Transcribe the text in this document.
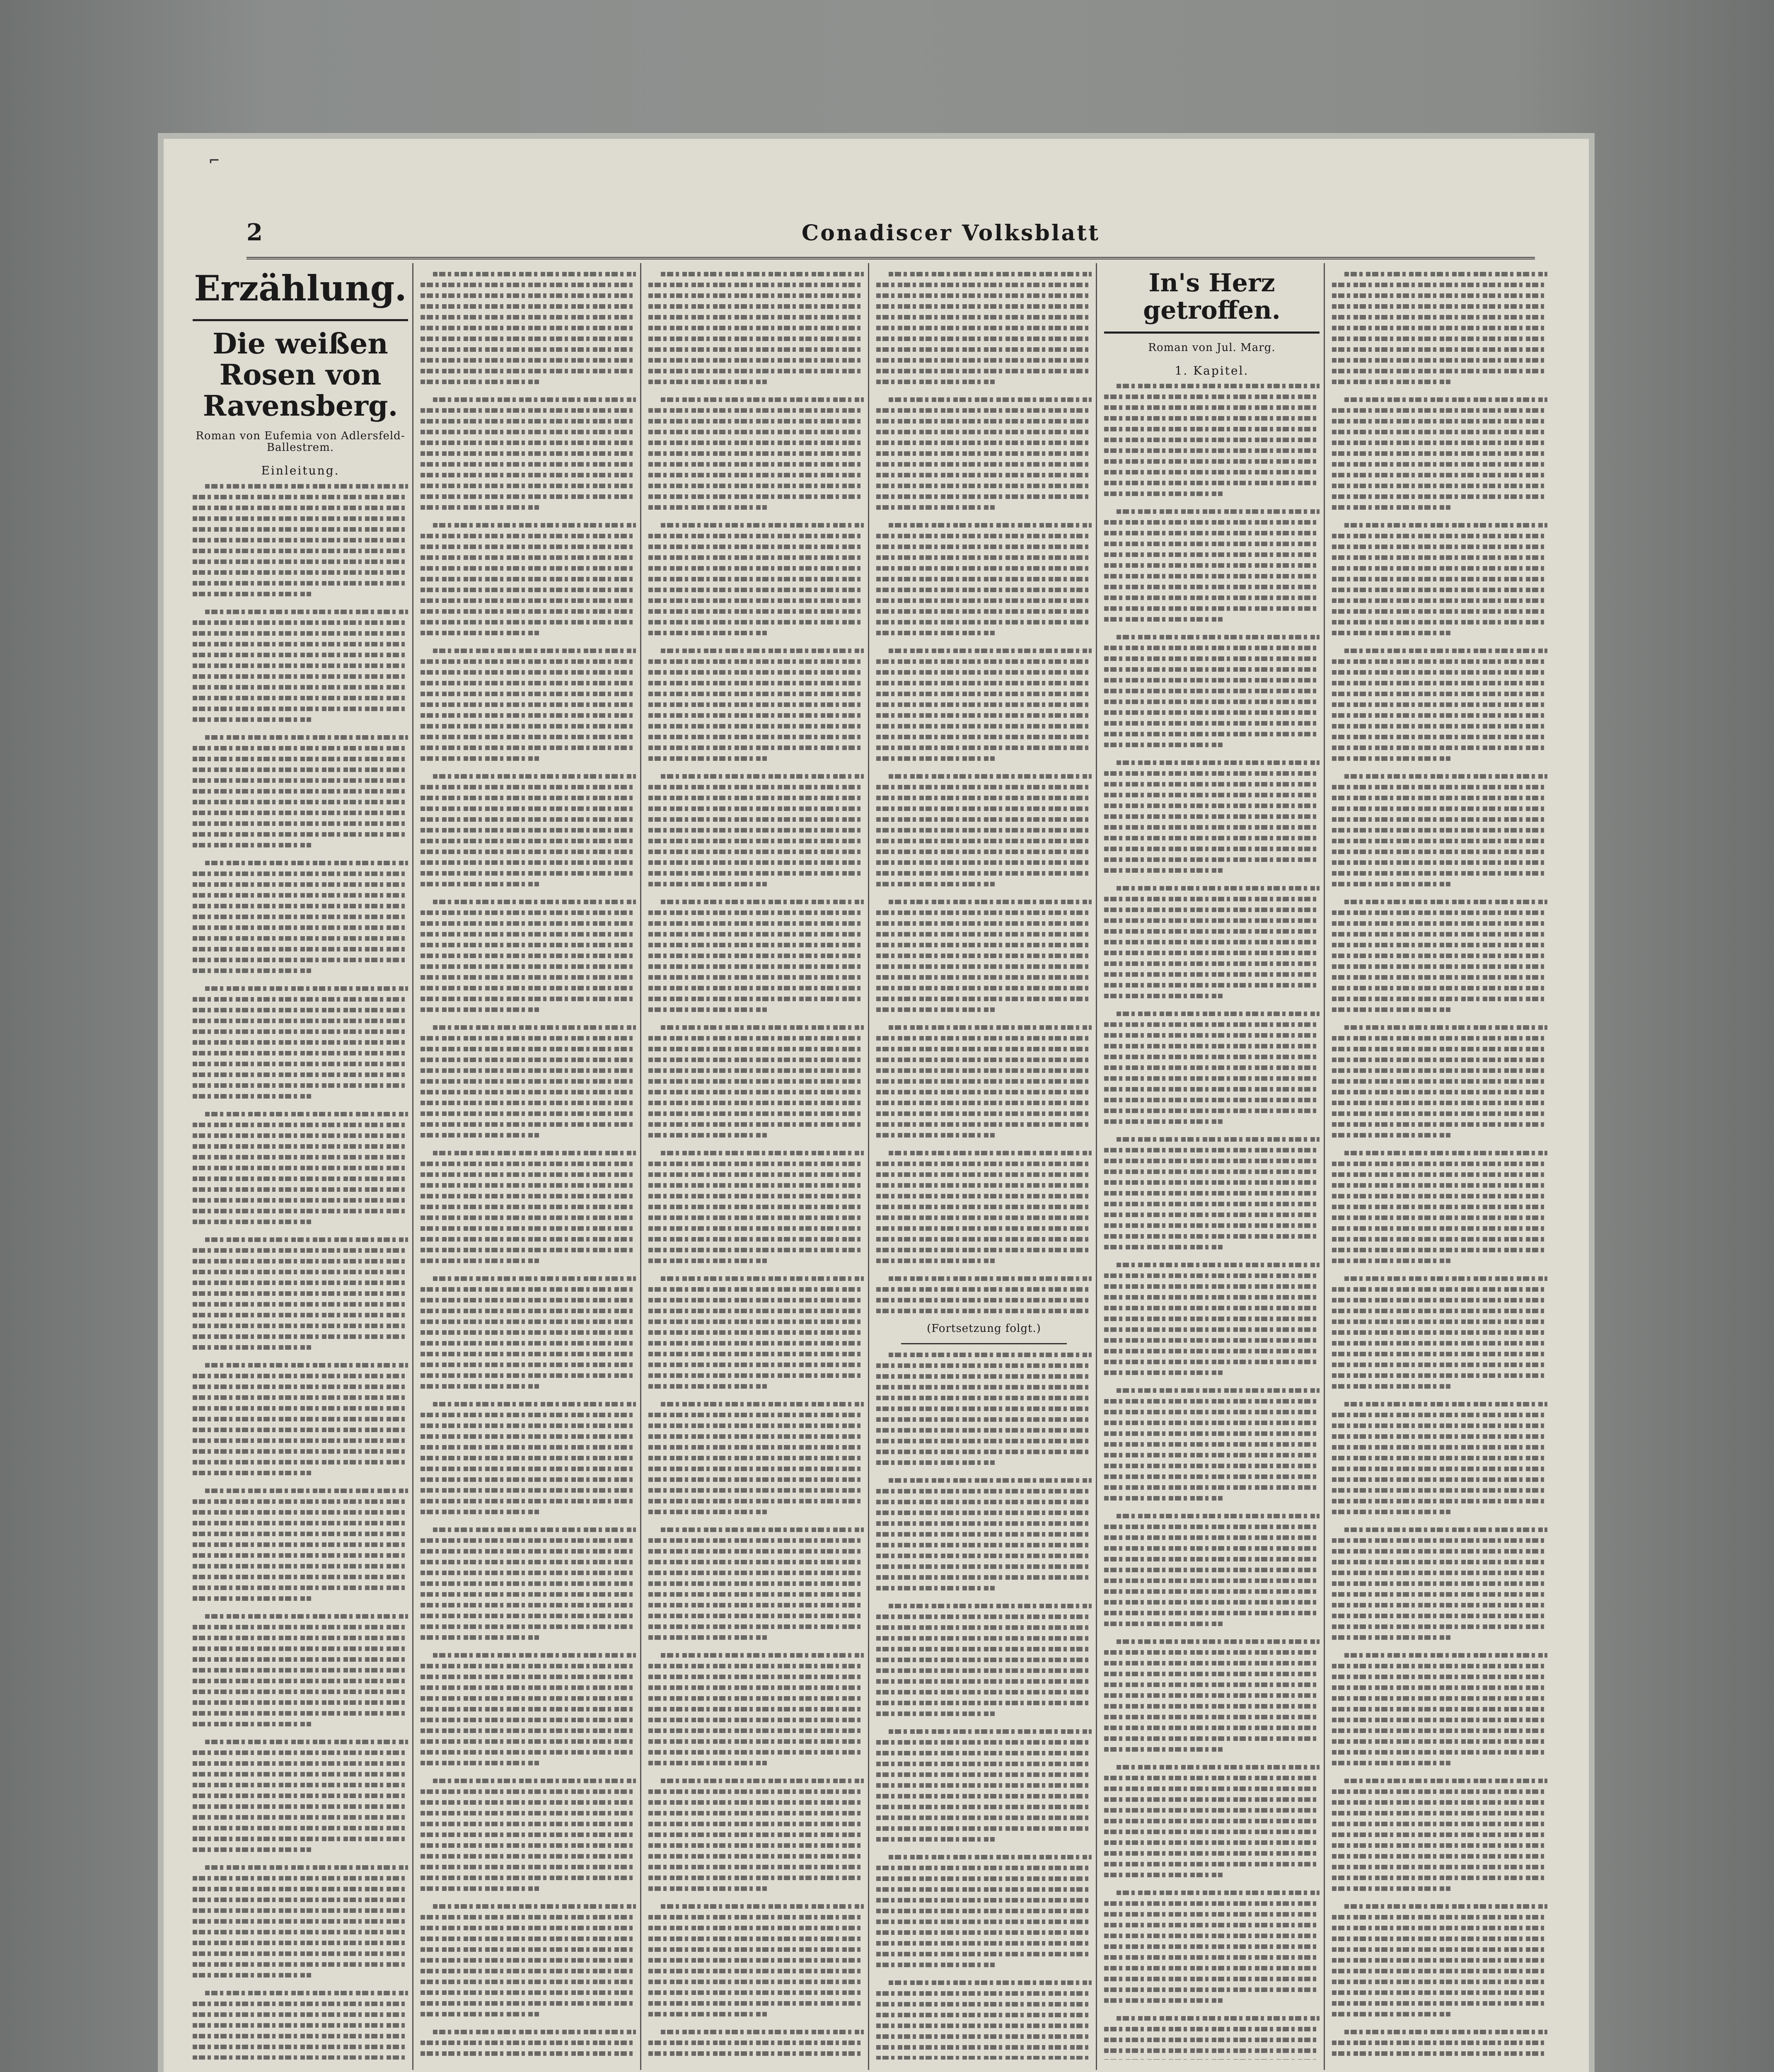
⌐
2	Conadiscer Volksblatt
Erzählung.
Die weißen Rosen von Ravensberg.
Roman von Eufemia von Adlersfeld-Ballestrem.
Einleitung.
(Fortsetzung folgt.)
In's Herz getroffen.
Roman von Jul. Marg.
1. Kapitel.
